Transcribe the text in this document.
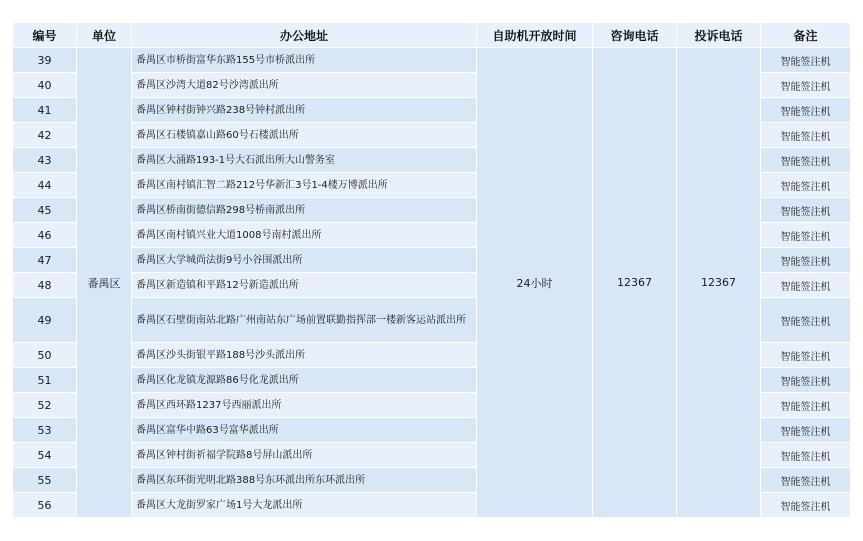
编号	单位	办公地址	自助机开放时间	咨询电话	投诉电话	备注
39	番禺区	番禺区市桥街富华东路155号市桥派出所	24小时	12367	12367	智能签注机
40		番禺区沙湾大道82号沙湾派出所				智能签注机
41		番禺区钟村街钟兴路238号钟村派出所				智能签注机
42		番禺区石楼镇嘉山路60号石楼派出所				智能签注机
43		番禺区大涌路193-1号大石派出所大山警务室				智能签注机
44		番禺区南村镇汇智二路212号华新汇3号1-4楼万博派出所				智能签注机
45		番禺区桥南街德信路298号桥南派出所				智能签注机
46		番禺区南村镇兴业大道1008号南村派出所				智能签注机
47		番禺区大学城尚法街9号小谷围派出所				智能签注机
48		番禺区新造镇和平路12号新造派出所				智能签注机
49		番禺区石壁街南站北路广州南站东广场前置联勤指挥部一楼新客运站派出所				智能签注机
50		番禺区沙头街银平路188号沙头派出所				智能签注机
51		番禺区化龙镇龙源路86号化龙派出所				智能签注机
52		番禺区西环路1237号西丽派出所				智能签注机
53		番禺区富华中路63号富华派出所				智能签注机
54		番禺区钟村街祈福学院路8号屏山派出所				智能签注机
55		番禺区东环街光明北路388号东环派出所东环派出所				智能签注机
56		番禺区大龙街罗家广场1号大龙派出所				智能签注机
